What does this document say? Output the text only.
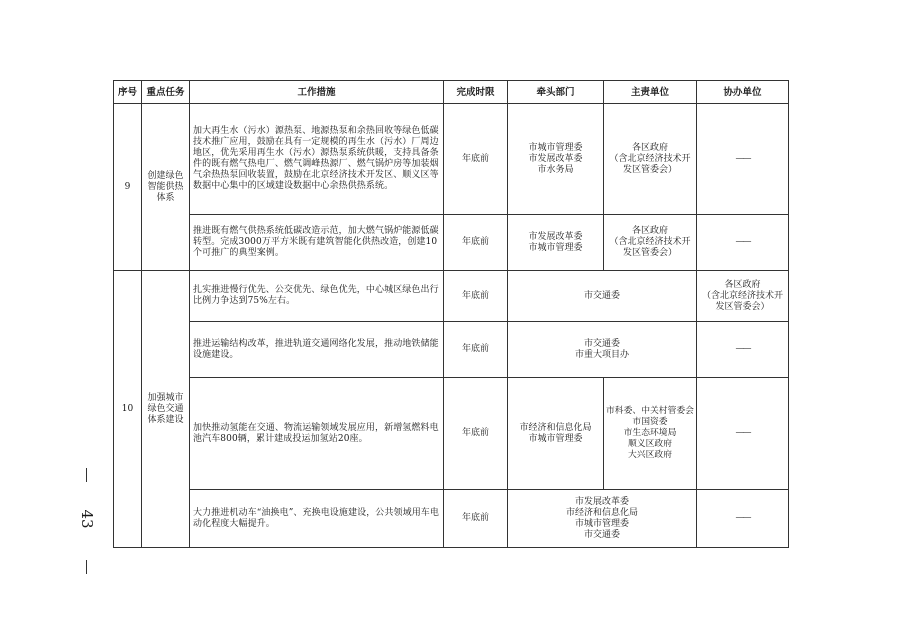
43
序号	重点任务	工作措施	完成时限	牵头部门	主责单位	协办单位
9	创建绿色
智能供热
体系	加大再生水（污水）源热泵、地源热泵和余热回收等绿色低碳技术推广应用，鼓励在具有一定规模的再生水（污水）厂周边地区，优先采用再生水（污水）源热泵系统供暖，支持具备条件的既有燃气热电厂、燃气调峰热源厂、燃气锅炉房等加装烟气余热热泵回收装置，鼓励在北京经济技术开发区、顺义区等数据中心集中的区域建设数据中心余热供热系统。	年底前	市城市管理委
市发展改革委
市水务局	各区政府
（含北京经济技术开发区管委会）	——
		推进既有燃气供热系统低碳改造示范，加大燃气锅炉能源低碳转型。完成3000万平方米既有建筑智能化供热改造，创建10个可推广的典型案例。	年底前	市发展改革委
市城市管理委	各区政府
（含北京经济技术开发区管委会）	——
10	加强城市
绿色交通
体系建设	扎实推进慢行优先、公交优先、绿色优先，中心城区绿色出行比例力争达到75%左右。	年底前	市交通委		各区政府
（含北京经济技术开发区管委会）
		推进运输结构改革，推进轨道交通网络化发展，推动地铁储能设施建设。	年底前	市交通委
市重大项目办		——
		加快推动氢能在交通、物流运输领域发展应用，新增氢燃料电池汽车800辆，累计建成投运加氢站20座。	年底前	市经济和信息化局
市城市管理委	市科委、中关村管委会
市国资委
市生态环境局
顺义区政府
大兴区政府	——
		大力推进机动车“油换电”、充换电设施建设，公共领域用车电动化程度大幅提升。	年底前	市发展改革委
市经济和信息化局
市城市管理委
市交通委		——
